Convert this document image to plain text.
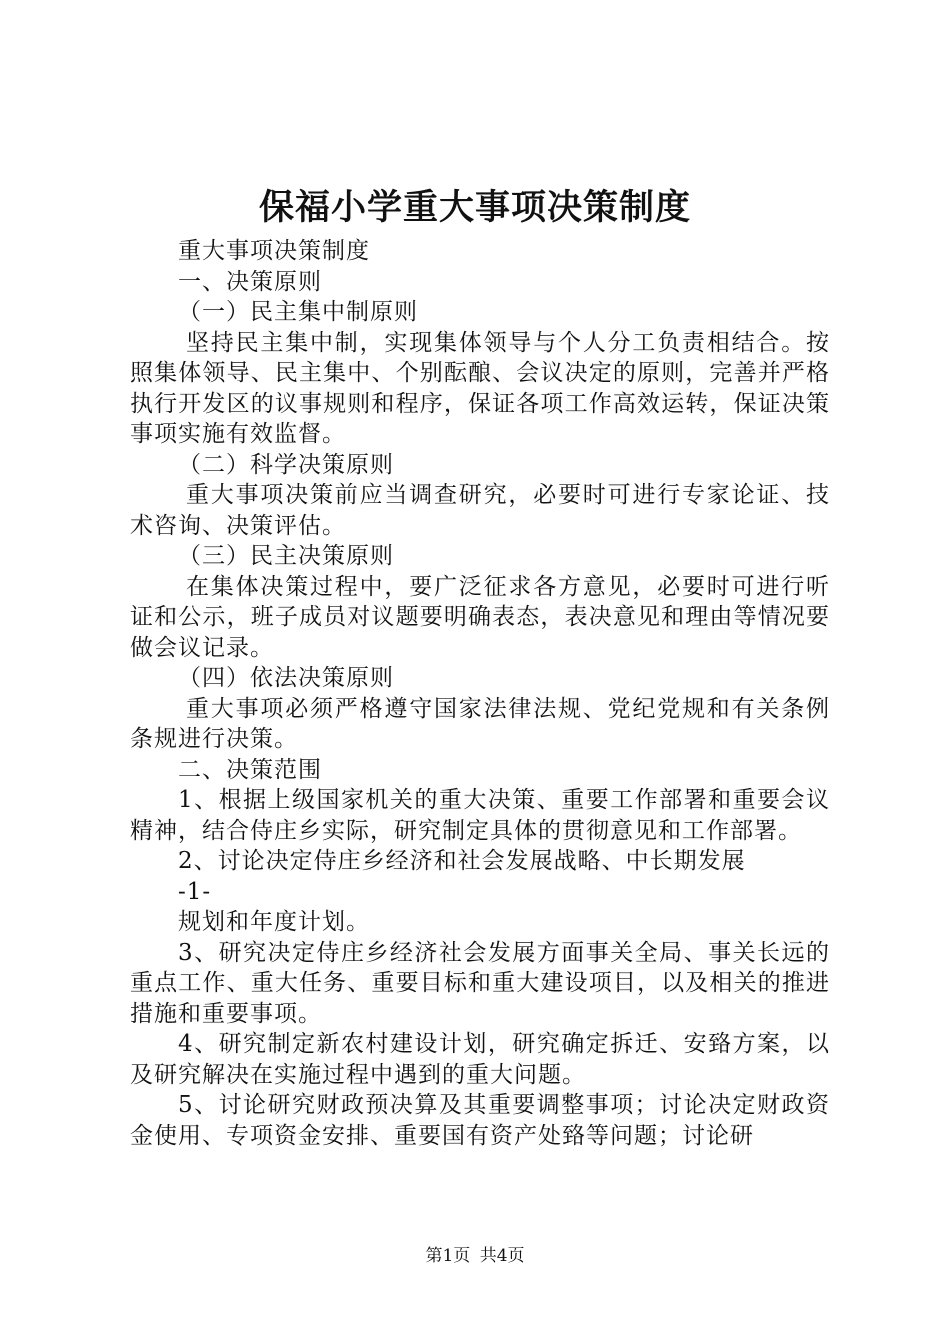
保福小学重大事项决策制度

重大事项决策制度

一、决策原则

（一）民主集中制原则

坚持民主集中制，实现集体领导与个人分工负责相结合。按照集体领导、民主集中、个别酝酿、会议决定的原则，完善并严格执行开发区的议事规则和程序，保证各项工作高效运转，保证决策事项实施有效监督。

（二）科学决策原则

重大事项决策前应当调查研究，必要时可进行专家论证、技术咨询、决策评估。

（三）民主决策原则

在集体决策过程中，要广泛征求各方意见，必要时可进行听证和公示，班子成员对议题要明确表态，表决意见和理由等情况要做会议记录。

（四）依法决策原则

重大事项必须严格遵守国家法律法规、党纪党规和有关条例条规进行决策。

二、决策范围

1、根据上级国家机关的重大决策、重要工作部署和重要会议精神，结合侍庄乡实际，研究制定具体的贯彻意见和工作部署。

2、讨论决定侍庄乡经济和社会发展战略、中长期发展

-1-

规划和年度计划。

3、研究决定侍庄乡经济社会发展方面事关全局、事关长远的重点工作、重大任务、重要目标和重大建设项目，以及相关的推进措施和重要事项。

4、研究制定新农村建设计划，研究确定拆迁、安臵方案，以及研究解决在实施过程中遇到的重大问题。

5、讨论研究财政预决算及其重要调整事项；讨论决定财政资金使用、专项资金安排、重要国有资产处臵等问题；讨论研

第1页 共4页
